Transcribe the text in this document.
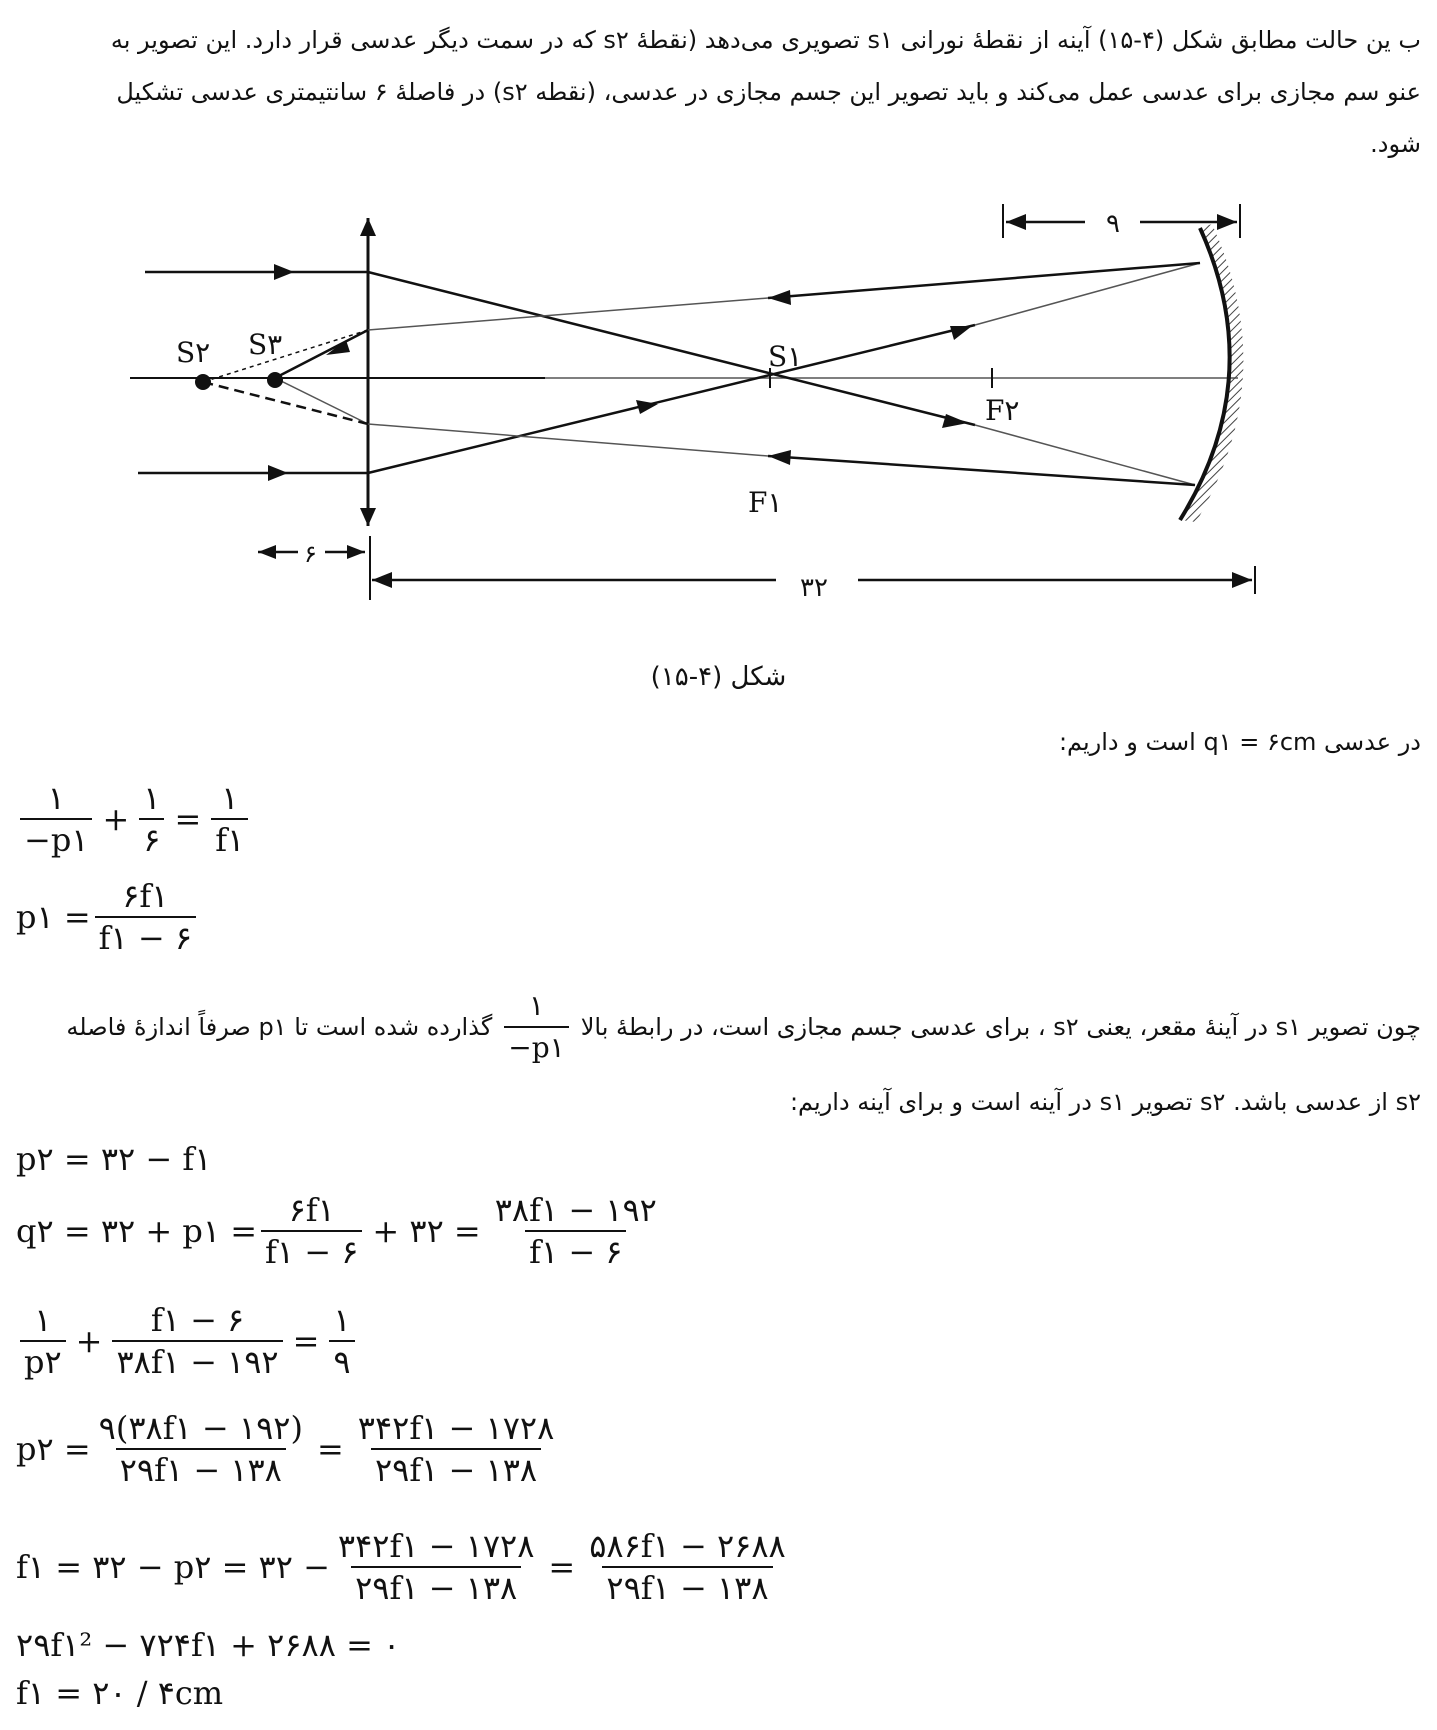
ب ین حالت مطابق شکل (۴-۱۵) آینه از نقطهٔ نورانی s۱ تصویری می‌دهد (نقطهٔ s۲ که در سمت دیگر عدسی قرار دارد. این تصویر به
عنو سم مجازی برای عدسی عمل می‌کند و باید تصویر این جسم مجازی در عدسی، (نقطه s۲) در فاصلهٔ ۶ سانتیمتری عدسی تشکیل
شود.
S۲ S۳	S۱
F۲
F۱
۹
۶
۳۲
شکل (۴-۱۵)
در عدسی q۱ = ۶cm است و داریم:
$\frac{۱}{-p۱} + \frac{۱}{۶} = \frac{۱}{f۱}$
p۱ = $\frac{۶f۱}{f۱ - ۶}$
چون تصویر s۱ در آینهٔ مقعر، یعنی s۲ ، برای عدسی جسم مجازی است، در رابطهٔ بالا
$\frac{۱}{-p۱}$
گذارده شده است تا p۱ صرفاً اندازهٔ فاصله
s۲ از عدسی باشد. s۲ تصویر s۱ در آینه است و برای آینه داریم:
p۲ = ۳۲ − f۱
q۲ = ۳۲ + p۱ = $\frac{۶f۱}{f۱ - ۶}$ + ۳۲ = $\frac{۳۸f۱ - ۱۹۲}{f۱ - ۶}$
$\frac{۱}{p۲} + \frac{f۱ - ۶}{۳۸f۱ - ۱۹۲} = \frac{۱}{۹}$
p۲ = $\frac{۹(۳۸f۱ - ۱۹۲)}{۲۹f۱ - ۱۳۸} = \frac{۳۴۲f۱ - ۱۷۲۸}{۲۹f۱ - ۱۳۸}$
f۱ = ۳۲ − p۲ = ۳۲ − $\frac{۳۴۲f۱ - ۱۷۲۸}{۲۹f۱ - ۱۳۸} = \frac{۵۸۶f۱ - ۲۶۸۸}{۲۹f۱ - ۱۳۸}$
۲۹f۱² − ۷۲۴f۱ + ۲۶۸۸ = ۰
f۱ = ۲۰ / ۴cm
